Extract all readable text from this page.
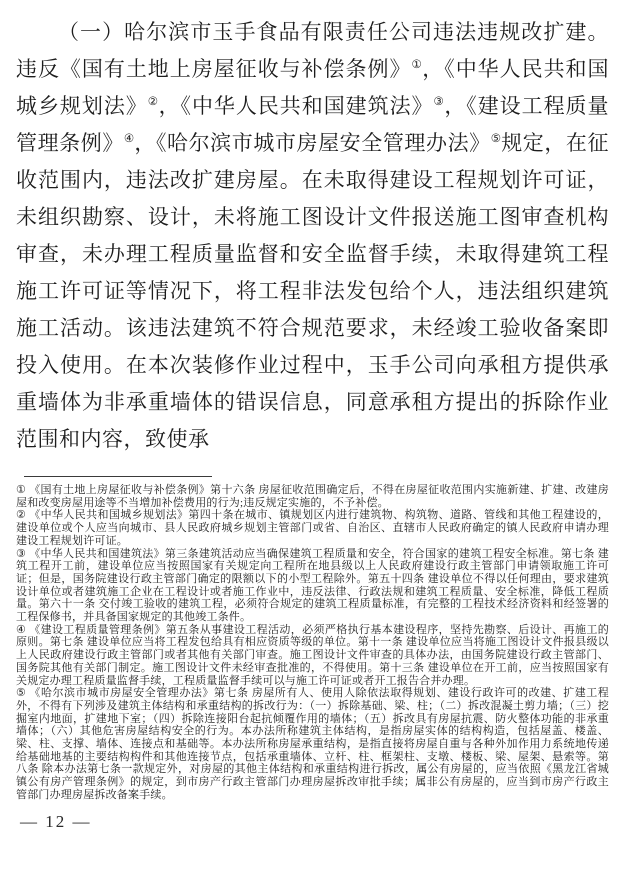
（一）哈尔滨市玉手食品有限责任公司违法违规改扩建。违反《国有土地上房屋征收与补偿条例》①，《中华人民共和国城乡规划法》②，《中华人民共和国建筑法》③，《建设工程质量管理条例》④，《哈尔滨市城市房屋安全管理办法》⑤规定，在征收范围内，违法改扩建房屋。在未取得建设工程规划许可证，未组织勘察、设计，未将施工图设计文件报送施工图审查机构审查，未办理工程质量监督和安全监督手续，未取得建筑工程施工许可证等情况下，将工程非法发包给个人，违法组织建筑施工活动。该违法建筑不符合规范要求，未经竣工验收备案即投入使用。在本次装修作业过程中，玉手公司向承租方提供承重墙体为非承重墙体的错误信息，同意承租方提出的拆除作业范围和内容，致使承

① 《国有土地上房屋征收与补偿条例》第十六条 房屋征收范围确定后，不得在房屋征收范围内实施新建、扩建、改建房屋和改变房屋用途等不当增加补偿费用的行为;违反规定实施的，不予补偿。

② 《中华人民共和国城乡规划法》第四十条在城市、镇规划区内进行建筑物、构筑物、道路、管线和其他工程建设的，建设单位或个人应当向城市、县人民政府城乡规划主管部门或省、自治区、直辖市人民政府确定的镇人民政府申请办理建设工程规划许可证。

③ 《中华人民共和国建筑法》第三条建筑活动应当确保建筑工程质量和安全，符合国家的建筑工程安全标准。第七条 建筑工程开工前，建设单位应当按照国家有关规定向工程所在地县级以上人民政府建设行政主管部门申请领取施工许可证；但是，国务院建设行政主管部门确定的限额以下的小型工程除外。第五十四条 建设单位不得以任何理由，要求建筑设计单位或者建筑施工企业在工程设计或者施工作业中，违反法律、行政法规和建筑工程质量、安全标准，降低工程质量。第六十一条 交付竣工验收的建筑工程，必须符合规定的建筑工程质量标准，有完整的工程技术经济资料和经签署的工程保修书，并具备国家规定的其他竣工条件。

④ 《建设工程质量管理条例》第五条从事建设工程活动，必须严格执行基本建设程序，坚持先勘察、后设计、再施工的原则。第七条 建设单位应当将工程发包给具有相应资质等级的单位。第十一条 建设单位应当将施工图设计文件报县级以上人民政府建设行政主管部门或者其他有关部门审查。施工图设计文件审查的具体办法，由国务院建设行政主管部门、国务院其他有关部门制定。施工图设计文件未经审查批准的，不得使用。第十三条 建设单位在开工前，应当按照国家有关规定办理工程质量监督手续，工程质量监督手续可以与施工许可证或者开工报告合并办理。

⑤ 《哈尔滨市城市房屋安全管理办法》第七条 房屋所有人、使用人除依法取得规划、建设行政许可的改建、扩建工程外，不得有下列涉及建筑主体结构和承重结构的拆改行为：（一）拆除基础、梁、柱；（二）拆改混凝土剪力墙；（三）挖掘室内地面，扩建地下室；（四）拆除连接阳台起抗倾覆作用的墙体；（五）拆改具有房屋抗震、防火整体功能的非承重墙体；（六）其他危害房屋结构安全的行为。本办法所称建筑主体结构，是指房屋实体的结构构造，包括屋盖、楼盖、梁、柱、支撑、墙体、连接点和基础等。本办法所称房屋承重结构，是指直接将房屋自重与各种外加作用力系统地传递给基础地基的主要结构构件和其他连接节点，包括承重墙体、立杆、柱、框架柱、支墩、楼板、梁、屋架、悬索等。第八条 除本办法第七条一款规定外，对房屋的其他主体结构和承重结构进行拆改，属公有房屋的，应当依照《黑龙江省城镇公有房产管理条例》的规定，到市房产行政主管部门办理房屋拆改审批手续；属非公有房屋的，应当到市房产行政主管部门办理房屋拆改备案手续。

— 12 —
